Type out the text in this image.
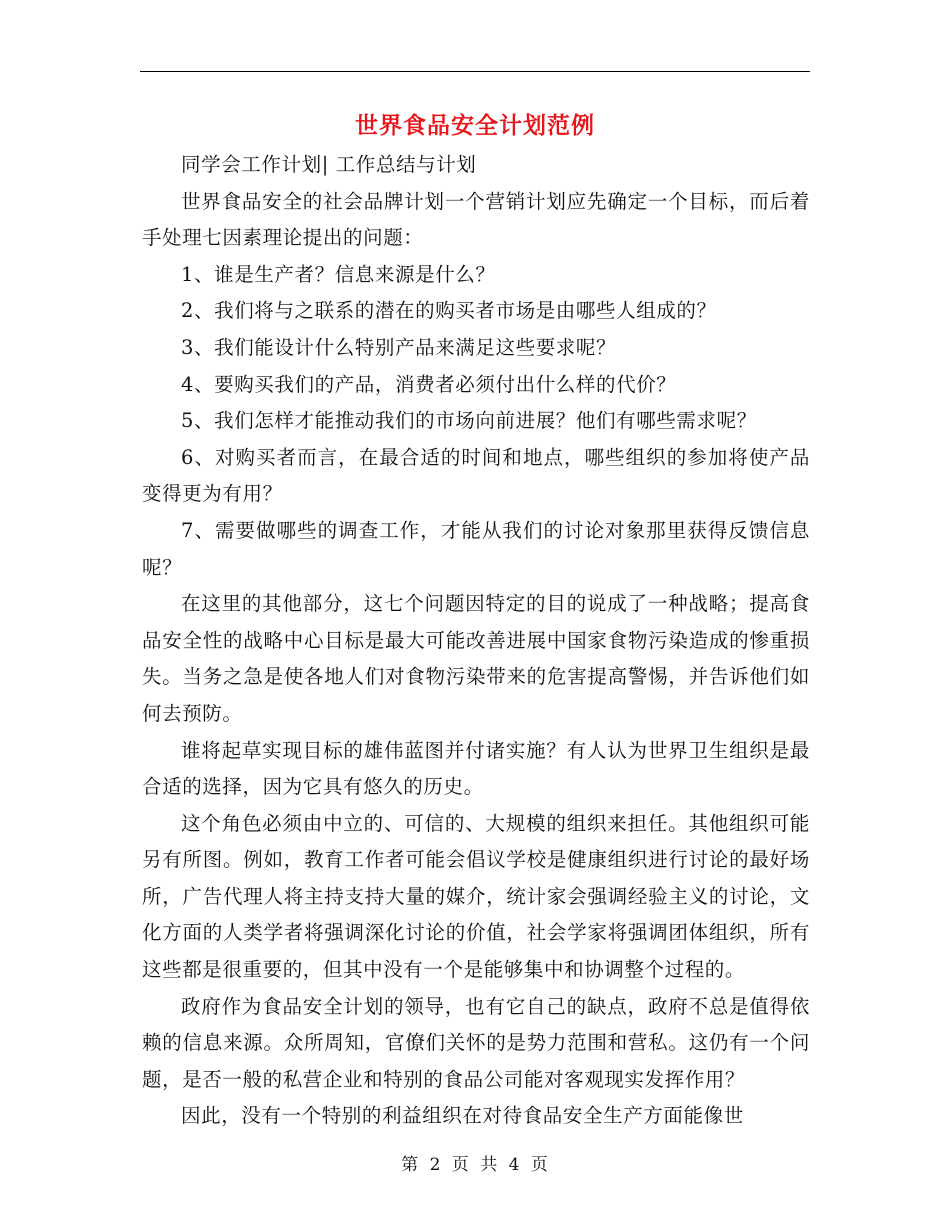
世界食品安全计划范例

同学会工作计划| 工作总结与计划

世界食品安全的社会品牌计划一个营销计划应先确定一个目标，而后着手处理七因素理论提出的问题：

1、谁是生产者？信息来源是什么？

2、我们将与之联系的潜在的购买者市场是由哪些人组成的？

3、我们能设计什么特别产品来满足这些要求呢？

4、要购买我们的产品，消费者必须付出什么样的代价？

5、我们怎样才能推动我们的市场向前进展？他们有哪些需求呢？

6、对购买者而言，在最合适的时间和地点，哪些组织的参加将使产品变得更为有用？

7、需要做哪些的调查工作，才能从我们的讨论对象那里获得反馈信息呢？

在这里的其他部分，这七个问题因特定的目的说成了一种战略；提高食品安全性的战略中心目标是最大可能改善进展中国家食物污染造成的惨重损失。当务之急是使各地人们对食物污染带来的危害提高警惕，并告诉他们如何去预防。

谁将起草实现目标的雄伟蓝图并付诸实施？有人认为世界卫生组织是最合适的选择，因为它具有悠久的历史。

这个角色必须由中立的、可信的、大规模的组织来担任。其他组织可能另有所图。例如，教育工作者可能会倡议学校是健康组织进行讨论的最好场所，广告代理人将主持支持大量的媒介，统计家会强调经验主义的讨论，文化方面的人类学者将强调深化讨论的价值，社会学家将强调团体组织，所有这些都是很重要的，但其中没有一个是能够集中和协调整个过程的。

政府作为食品安全计划的领导，也有它自己的缺点，政府不总是值得依赖的信息来源。众所周知，官僚们关怀的是势力范围和营私。这仍有一个问题，是否一般的私营企业和特别的食品公司能对客观现实发挥作用？

因此，没有一个特别的利益组织在对待食品安全生产方面能像世

第 2 页 共 4 页
